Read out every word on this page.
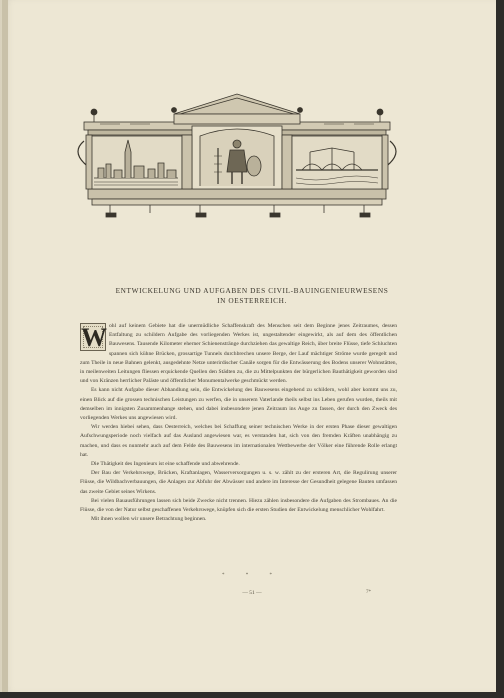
ENTWICKELUNG UND AUFGABEN DES CIVIL-BAUINGENIEURWESENS
IN OESTERREICH.

W ohl auf keinem Gebiete hat die unermüdliche Schaffenskraft des Menschen seit dem Beginne jenes Zeitraumes, dessen Entfaltung zu schildern Aufgabe des vorliegenden Werkes ist, ungestaltender eingewirkt, als auf dem des öffentlichen Bauwesens. Tausende Kilometer eherner Schienenstränge durchziehen das gewaltige Reich, über breite Flüsse, tiefe Schluchten spannen sich kühne Brücken, grossartige Tunnels durchbrechen unsere Berge, der Lauf mächtiger Ströme wurde geregelt und zum Theile in neue Bahnen gelenkt, ausgedehnte Netze unterirdischer Canäle sorgen für die Entwässerung des Bodens unserer Wohnstätten, in meilenweiten Leitungen fliessen erquickende Quellen den Städten zu, die zu Mittelpunkten der bürgerlichen Bauthätigkeit geworden sind und von Kränzen herrlicher Paläste und öffentlicher Monumentalwerke geschmückt werden.

Es kann nicht Aufgabe dieser Abhandlung sein, die Entwickelung des Bauwesens eingehend zu schildern, wohl aber kommt uns zu, einen Blick auf die grossen technischen Leistungen zu werfen, die in unserem Vaterlande theils selbst ins Leben gerufen wurden, theils mit demselben im innigsten Zusammenhange stehen, und dabei insbesondere jenen Zeitraum ins Auge zu fassen, der durch den Zweck des vorliegenden Werkes uns angewiesen wird.

Wir werden hiebei sehen, dass Oesterreich, welches bei Schaffung seiner technischen Werke in der ersten Phase dieser gewaltigen Aufschwungsperiode noch vielfach auf das Ausland angewiesen war, es verstanden hat, sich von den fremden Kräften unabhängig zu machen, und dass es nunmehr auch auf dem Felde des Bauwesens im internationalen Wettbewerbe der Völker eine führende Rolle erlangt hat.

Die Thätigkeit des Ingenieurs ist eine schaffende und abwehrende.

Der Bau der Verkehrswege, Brücken, Kraftanlagen, Wasserversorgungen u. s. w. zählt zu der ersteren Art, die Regulirung unserer Flüsse, die Wildbachverbauungen, die Anlagen zur Abfuhr der Abwässer und andere im Interesse der Gesundheit gelegene Bauten umfassen das zweite Gebiet seines Wirkens.

Bei vielen Bauausführungen lassen sich beide Zwecke nicht trennen. Hiezu zählen insbesondere die Aufgaben des Strombaues. An die Flüsse, die von der Natur selbst geschaffenen Verkehrswege, knüpfen sich die ersten Studien der Entwickelung menschlicher Wohlfahrt.

Mit ihnen wollen wir unsere Betrachtung beginnen.

* * *
— 51 —	7*
